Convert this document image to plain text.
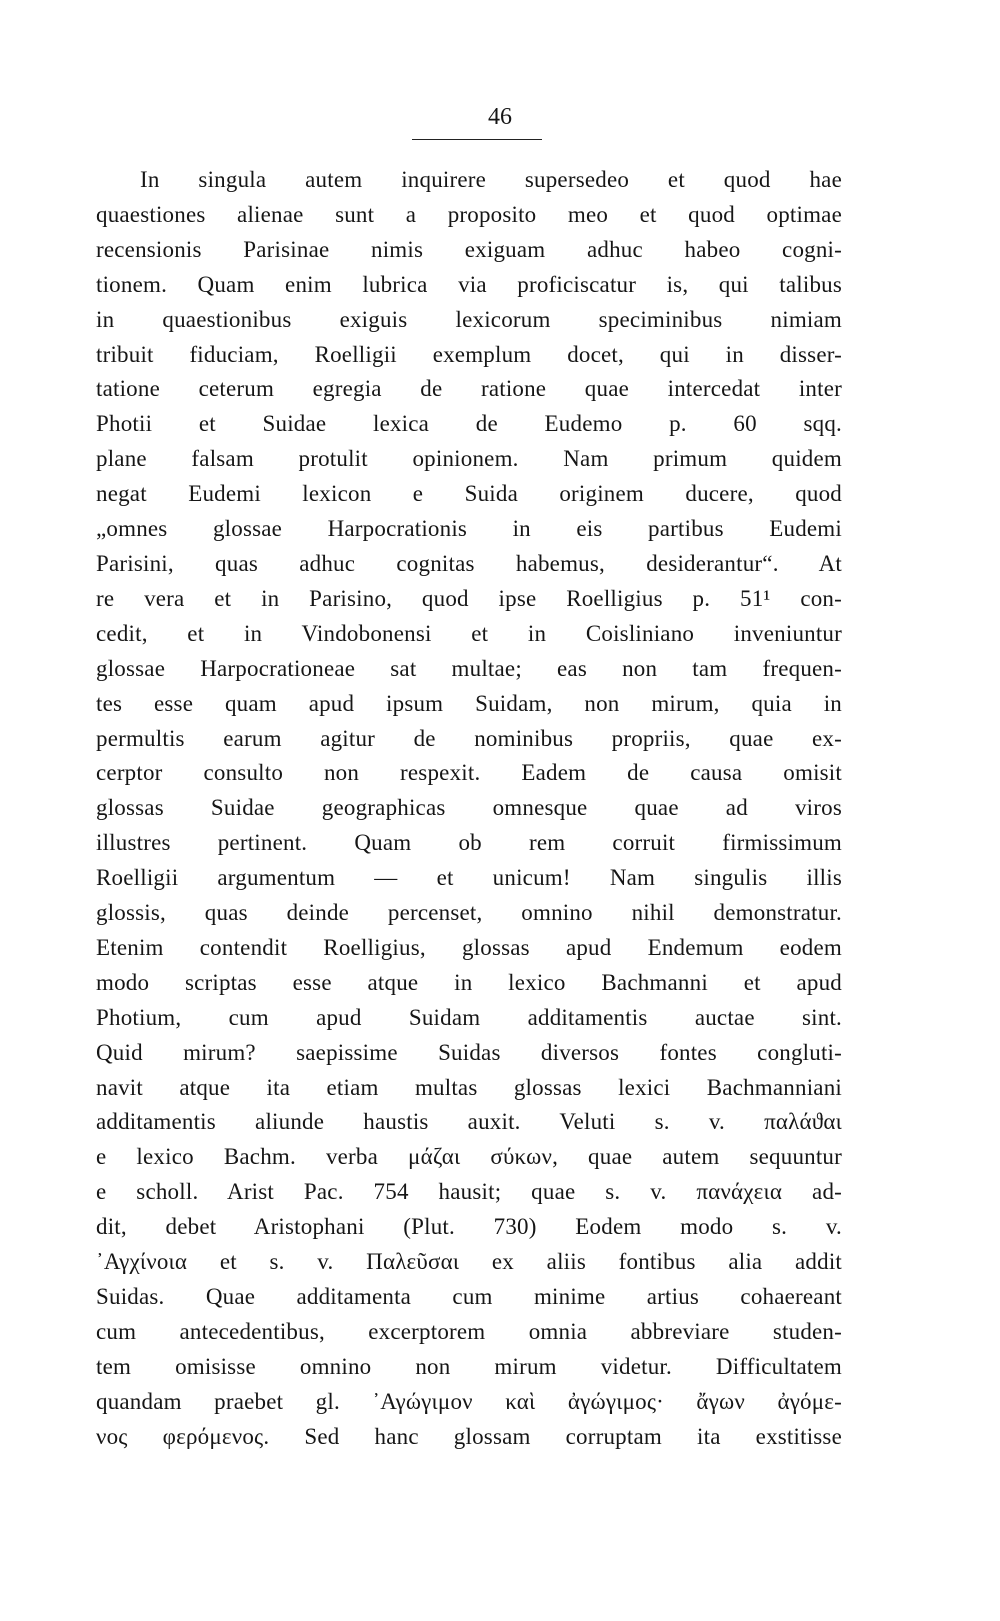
46
In singula autem inquirere supersedeo et quod hae
quaestiones alienae sunt a proposito meo et quod optimae
recensionis Parisinae nimis exiguam adhuc habeo cogni-
tionem. Quam enim lubrica via proficiscatur is, qui talibus
in quaestionibus exiguis lexicorum speciminibus nimiam
tribuit fiduciam, Roelligii exemplum docet, qui in disser-
tatione ceterum egregia de ratione quae intercedat inter
Photii et Suidae lexica de Eudemo p. 60 sqq.
plane falsam protulit opinionem. Nam primum quidem
negat Eudemi lexicon e Suida originem ducere, quod
„omnes glossae Harpocrationis in eis partibus Eudemi
Parisini, quas adhuc cognitas habemus, desiderantur“. At
re vera et in Parisino, quod ipse Roelligius p. 51¹ con-
cedit, et in Vindobonensi et in Coisliniano inveniuntur
glossae Harpocrationeae sat multae; eas non tam frequen-
tes esse quam apud ipsum Suidam, non mirum, quia in
permultis earum agitur de nominibus propriis, quae ex-
cerptor consulto non respexit. Eadem de causa omisit
glossas Suidae geographicas omnesque quae ad viros
illustres pertinent. Quam ob rem corruit firmissimum
Roelligii argumentum — et unicum! Nam singulis illis
glossis, quas deinde percenset, omnino nihil demonstratur.
Etenim contendit Roelligius, glossas apud Endemum eodem
modo scriptas esse atque in lexico Bachmanni et apud
Photium, cum apud Suidam additamentis auctae sint.
Quid mirum? saepissime Suidas diversos fontes congluti-
navit atque ita etiam multas glossas lexici Bachmanniani
additamentis aliunde haustis auxit. Veluti s. v. παλάϑαι
e lexico Bachm. verba μάζαι σύκων, quae autem sequuntur
e scholl. Arist Pac. 754 hausit; quae s. v. πανάχεια ad-
dit, debet Aristophani (Plut. 730) Eodem modo s. v.
᾿Αγχίνοια et s. v. Παλεῦσαι ex aliis fontibus alia addit
Suidas. Quae additamenta cum minime artius cohaereant
cum antecedentibus, excerptorem omnia abbreviare studen-
tem omisisse omnino non mirum videtur. Difficultatem
quandam praebet gl. ᾿Αγώγιμον καὶ ἀγώγιμος· ἄγων ἀγόμε-
νος φερόμενος. Sed hanc glossam corruptam ita exstitisse
